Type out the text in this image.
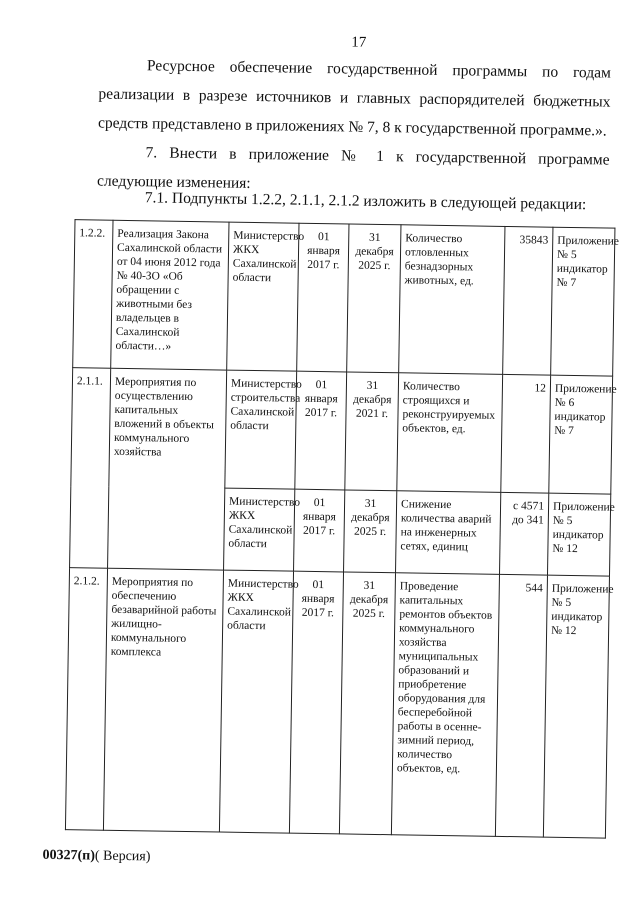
17
Ресурсное обеспечение государственной программы по годам реализации в разрезе источников и главных распорядителей бюджетных средств представлено в приложениях № 7, 8 к государственной программе.».
7. Внести в приложение № 1 к государственной программе следующие изменения:
7.1. Подпункты 1.2.2, 2.1.1, 2.1.2 изложить в следующей редакции:
1.2.2.	Реализация Закона Сахалинской области от 04 июня 2012 года № 40-ЗО «Об обращении с животными без владельцев в Сахалинской области…»	Министерство ЖКХ Сахалинской области	01 января 2017 г.	31 декабря 2025 г.	Количество отловленных безнадзорных животных, ед.	35843	Приложение № 5 индикатор № 7
2.1.1.	Мероприятия по осуществлению капитальных вложений в объекты коммунального хозяйства	Министерство строительства Сахалинской области	01 января 2017 г.	31 декабря 2021 г.	Количество строящихся и реконструируемых объектов, ед.	12	Приложение № 6 индикатор № 7
		Министерство ЖКХ Сахалинской области	01 января 2017 г.	31 декабря 2025 г.	Снижение количества аварий на инженерных сетях, единиц	с 4571 до 341	Приложение № 5 индикатор № 12
2.1.2.	Мероприятия по обеспечению безаварийной работы жилищно-коммунального комплекса	Министерство ЖКХ Сахалинской области	01 января 2017 г.	31 декабря 2025 г.	Проведение капитальных ремонтов объектов коммунального хозяйства муниципальных образований и приобретение оборудования для бесперебойной работы в осенне-зимний период, количество объектов, ед.	544	Приложение № 5 индикатор № 12
00327(п)( Версия)
